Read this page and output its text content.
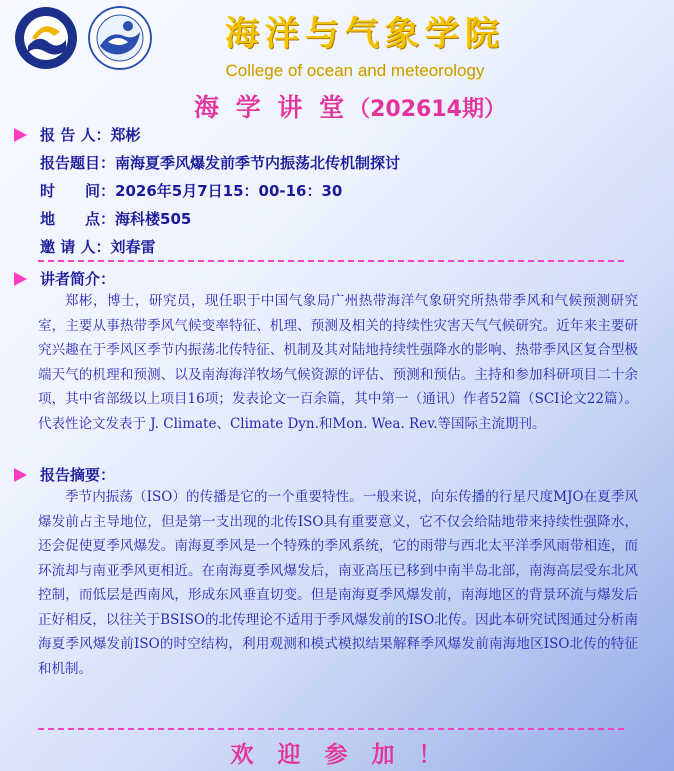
海洋与气象学院
College of ocean and meteorology
海 学 讲 堂（202614期）
报 告 人：郑彬
报告题目：南海夏季风爆发前季节内振荡北传机制探讨
时　　间：2026年5月7日15：00-16：30
地　　点：海科楼505
邀 请 人：刘春雷
讲者简介：
郑彬，博士，研究员，现任职于中国气象局广州热带海洋气象研究所热带季风和气候预测研究室，主要从事热带季风气候变率特征、机理、预测及相关的持续性灾害天气气候研究。近年来主要研究兴趣在于季风区季节内振荡北传特征、机制及其对陆地持续性强降水的影响、热带季风区复合型极端天气的机理和预测、以及南海海洋牧场气候资源的评估、预测和预估。主持和参加科研项目二十余项，其中省部级以上项目16项；发表论文一百余篇，其中第一（通讯）作者52篇（SCI论文22篇）。代表性论文发表于 J. Climate、Climate Dyn.和Mon. Wea. Rev.等国际主流期刊。
报告摘要：
季节内振荡（ISO）的传播是它的一个重要特性。一般来说，向东传播的行星尺度MJO在夏季风爆发前占主导地位，但是第一支出现的北传ISO具有重要意义，它不仅会给陆地带来持续性强降水，还会促使夏季风爆发。南海夏季风是一个特殊的季风系统，它的雨带与西北太平洋季风雨带相连，而环流却与南亚季风更相近。在南海夏季风爆发后，南亚高压已移到中南半岛北部，南海高层受东北风控制，而低层是西南风，形成东风垂直切变。但是南海夏季风爆发前，南海地区的背景环流与爆发后正好相反，以往关于BSISO的北传理论不适用于季风爆发前的ISO北传。因此本研究试图通过分析南海夏季风爆发前ISO的时空结构，利用观测和模式模拟结果解释季风爆发前南海地区ISO北传的特征和机制。
欢 迎 参 加 ！
